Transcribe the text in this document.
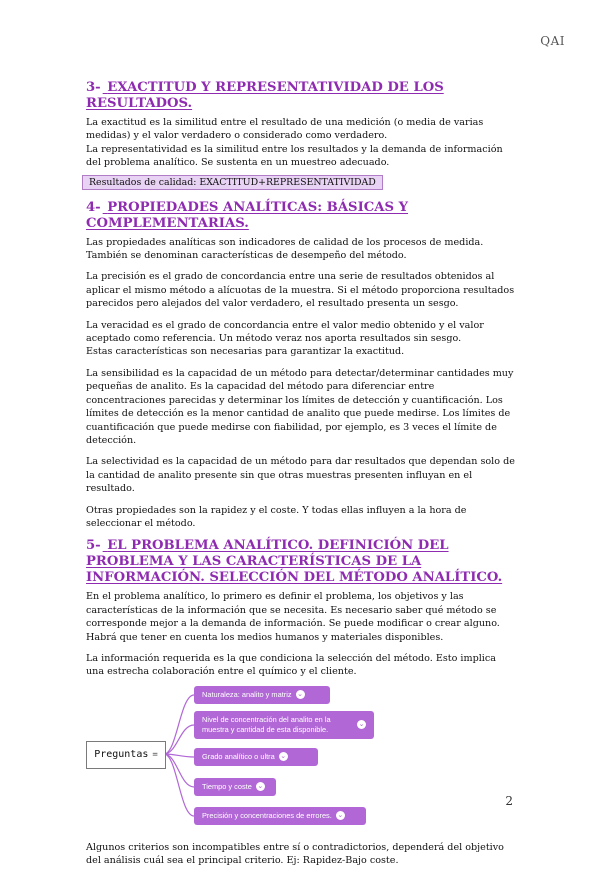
QAI
3- EXACTITUD Y REPRESENTATIVIDAD DE LOS RESULTADOS.

La exactitud es la similitud entre el resultado de una medición (o media de varias medidas) y el valor verdadero o considerado como verdadero.

La representatividad es la similitud entre los resultados y la demanda de información del problema analítico. Se sustenta en un muestreo adecuado.

Resultados de calidad: EXACTITUD+REPRESENTATIVIDAD
4- PROPIEDADES ANALÍTICAS: BÁSICAS Y COMPLEMENTARIAS.

Las propiedades analíticas son indicadores de calidad de los procesos de medida. También se denominan características de desempeño del método.

La precisión es el grado de concordancia entre una serie de resultados obtenidos al aplicar el mismo método a alícuotas de la muestra. Si el método proporciona resultados parecidos pero alejados del valor verdadero, el resultado presenta un sesgo.

La veracidad es el grado de concordancia entre el valor medio obtenido y el valor aceptado como referencia. Un método veraz nos aporta resultados sin sesgo.

Estas características son necesarias para garantizar la exactitud.

La sensibilidad es la capacidad de un método para detectar/determinar cantidades muy pequeñas de analito. Es la capacidad del método para diferenciar entre concentraciones parecidas y determinar los límites de detección y cuantificación. Los límites de detección es la menor cantidad de analito que puede medirse. Los límites de cuantificación que puede medirse con fiabilidad, por ejemplo, es 3 veces el límite de detección.

La selectividad es la capacidad de un método para dar resultados que dependan solo de la cantidad de analito presente sin que otras muestras presenten influyan en el resultado.

Otras propiedades son la rapidez y el coste. Y todas ellas influyen a la hora de seleccionar el método.

5- EL PROBLEMA ANALÍTICO. DEFINICIÓN DEL PROBLEMA Y LAS CARACTERÍSTICAS DE LA INFORMACIÓN. SELECCIÓN DEL MÉTODO ANALÍTICO.

En el problema analítico, lo primero es definir el problema, los objetivos y las características de la información que se necesita. Es necesario saber qué método se corresponde mejor a la demanda de información. Se puede modificar o crear alguno. Habrá que tener en cuenta los medios humanos y materiales disponibles.

La información requerida es la que condiciona la selección del método. Esto implica una estrecha colaboración entre el químico y el cliente.

Preguntas =
Naturaleza: analito y matriz ⌄
Nivel de concentración del analito en la muestra y cantidad de esta disponible.	⌄
Grado analítico o ultra ⌄
Tiempo y coste ⌄
Precisión y concentraciones de errores. ⌄

Algunos criterios son incompatibles entre sí o contradictorios, dependerá del objetivo del análisis cuál sea el principal criterio. Ej: Rapidez-Bajo coste.

2
